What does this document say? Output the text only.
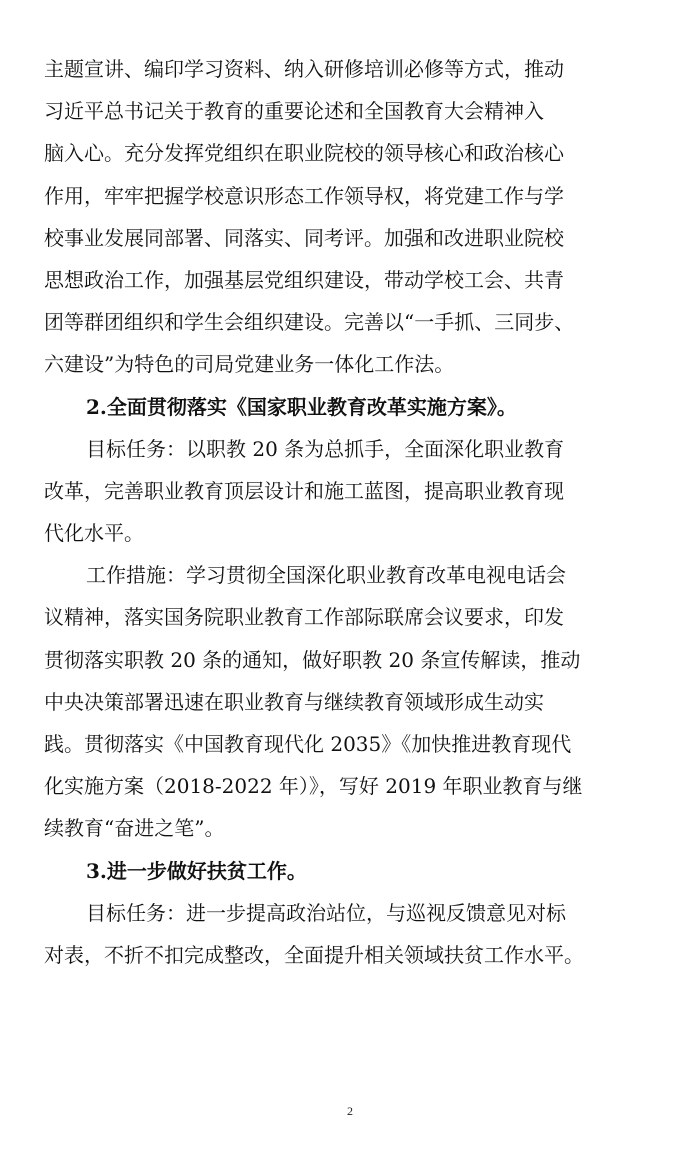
主题宣讲、编印学习资料、纳入研修培训必修等方式，推动
习近平总书记关于教育的重要论述和全国教育大会精神入
脑入心。充分发挥党组织在职业院校的领导核心和政治核心
作用，牢牢把握学校意识形态工作领导权，将党建工作与学
校事业发展同部署、同落实、同考评。加强和改进职业院校
思想政治工作，加强基层党组织建设，带动学校工会、共青
团等群团组织和学生会组织建设。完善以“一手抓、三同步、
六建设”为特色的司局党建业务一体化工作法。
2.全面贯彻落实《国家职业教育改革实施方案》。
目标任务：以职教 20 条为总抓手，全面深化职业教育
改革，完善职业教育顶层设计和施工蓝图，提高职业教育现
代化水平。
工作措施：学习贯彻全国深化职业教育改革电视电话会
议精神，落实国务院职业教育工作部际联席会议要求，印发
贯彻落实职教 20 条的通知，做好职教 20 条宣传解读，推动
中央决策部署迅速在职业教育与继续教育领域形成生动实
践。贯彻落实《中国教育现代化 2035》《加快推进教育现代
化实施方案（2018-2022 年）》，写好 2019 年职业教育与继
续教育“奋进之笔”。
3.进一步做好扶贫工作。
目标任务：进一步提高政治站位，与巡视反馈意见对标
对表，不折不扣完成整改，全面提升相关领域扶贫工作水平。
2
